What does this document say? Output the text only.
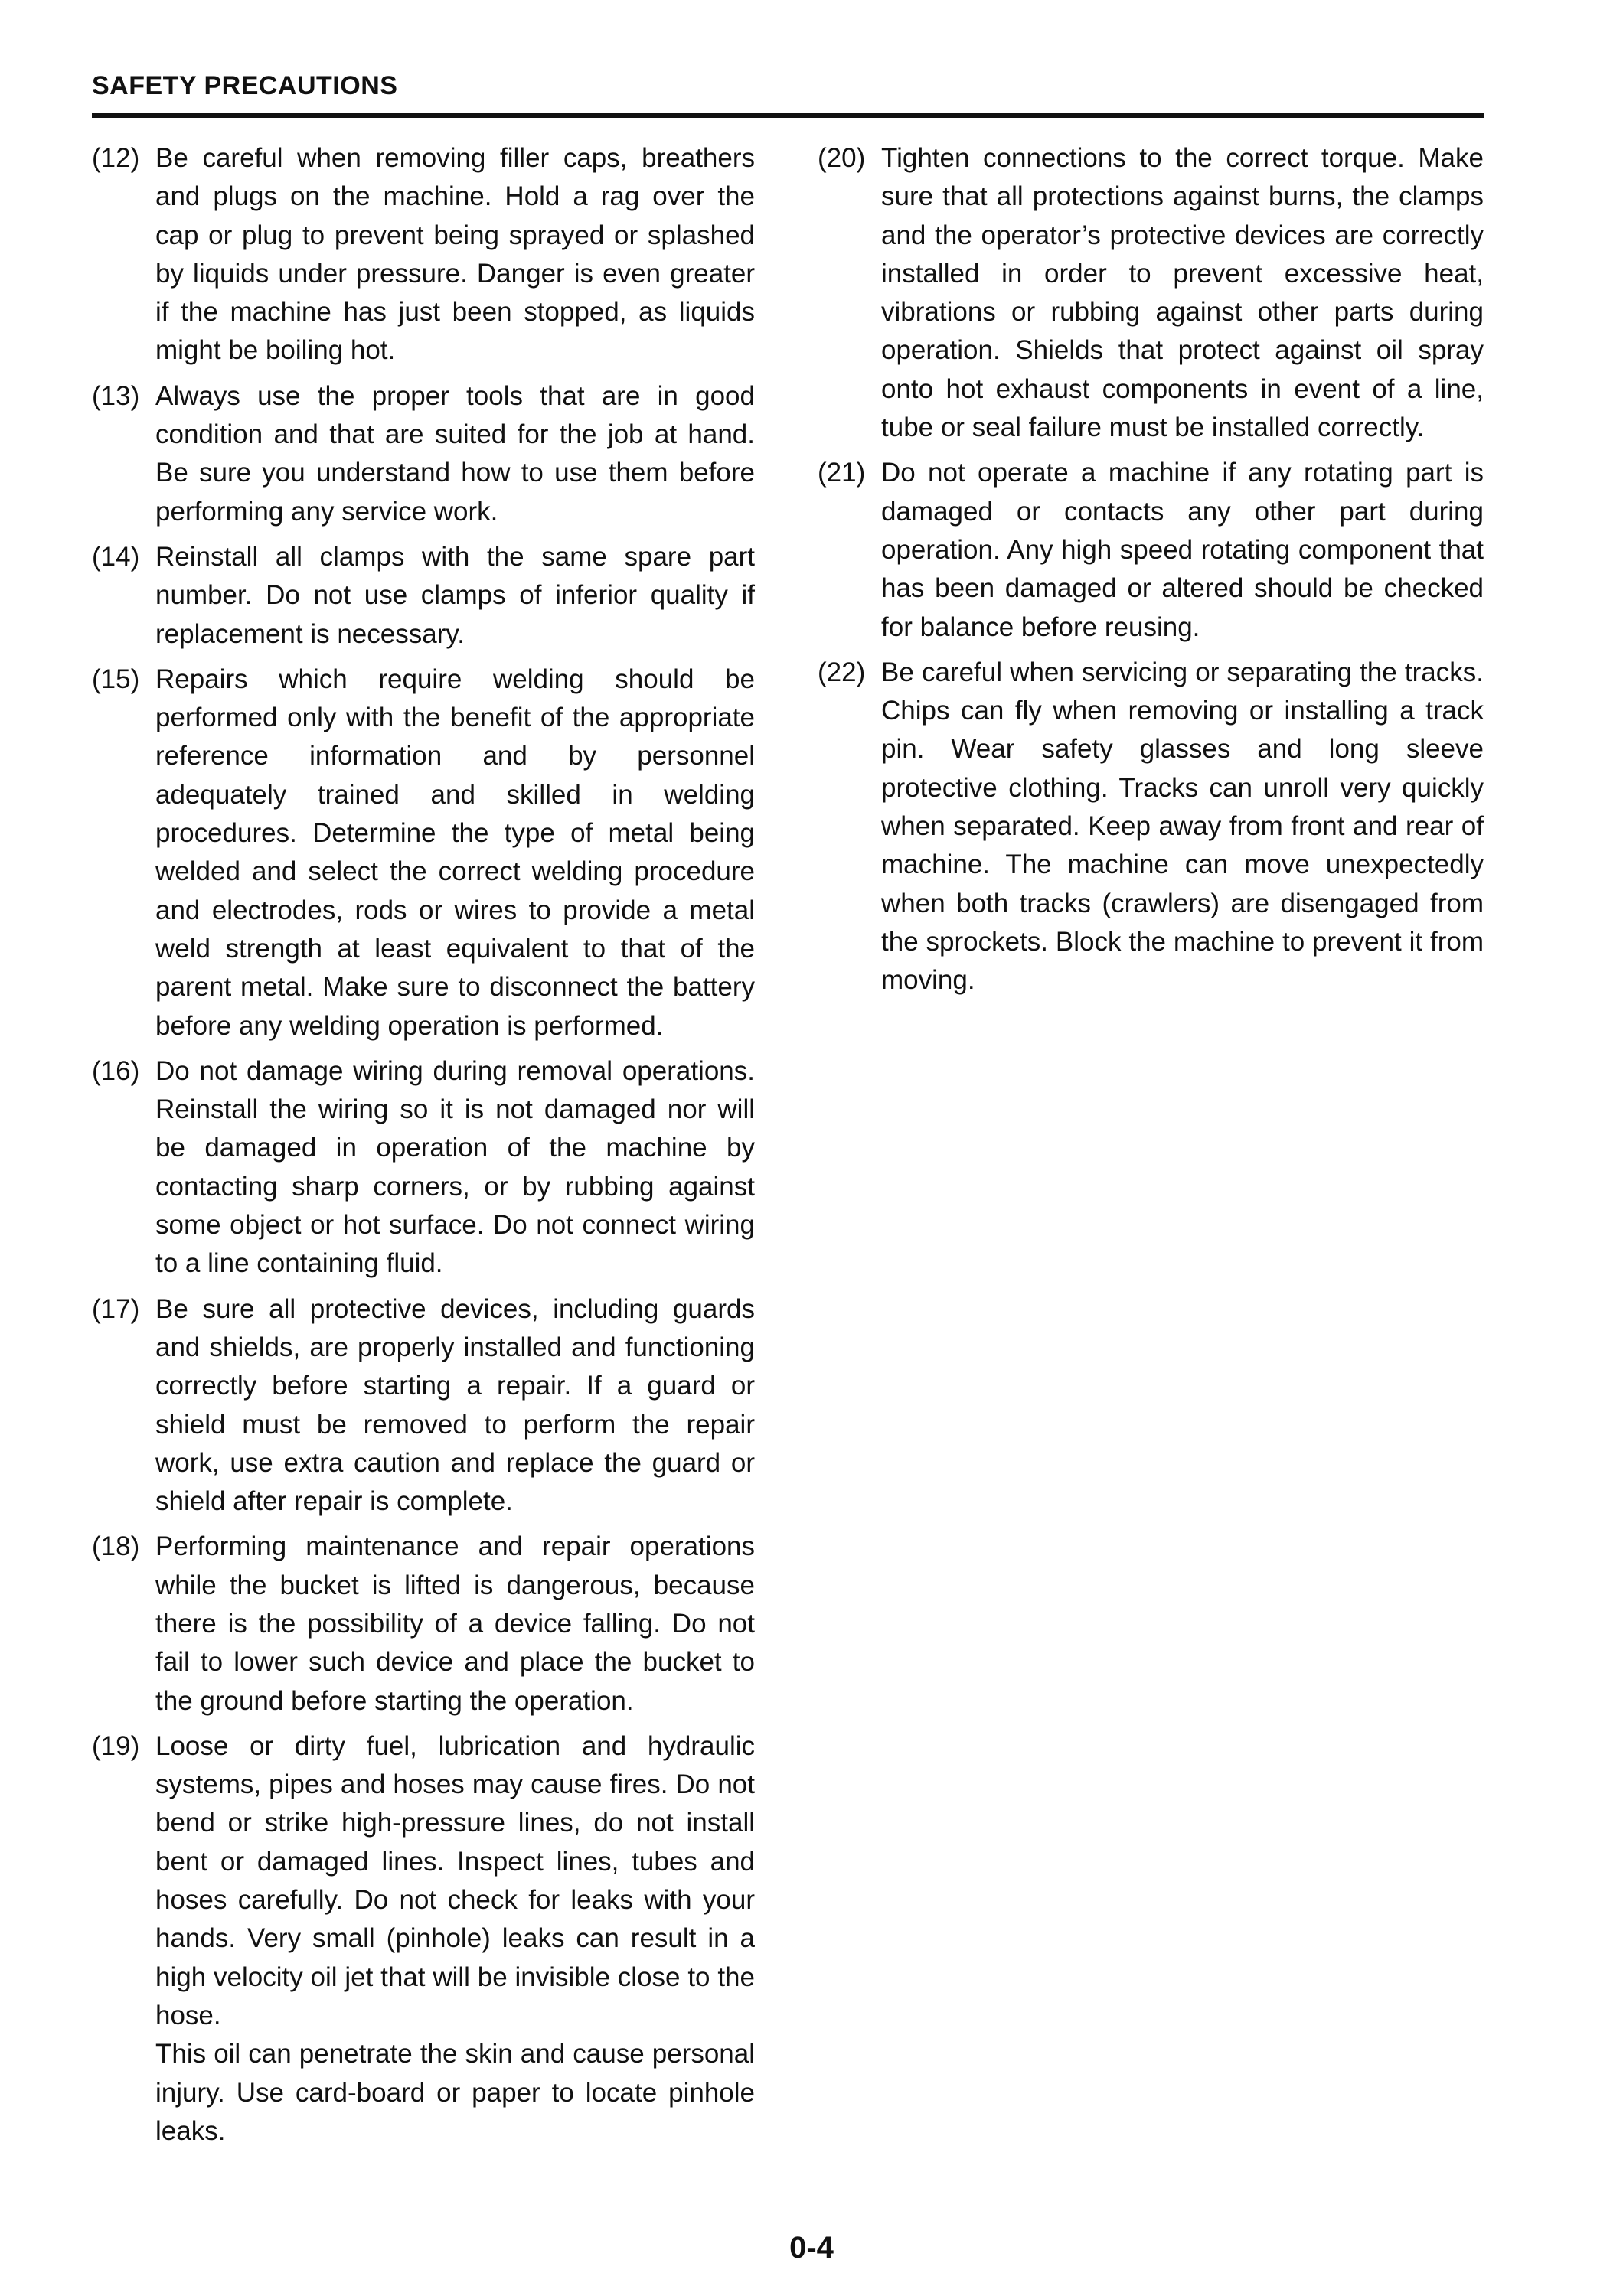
SAFETY PRECAUTIONS
(12) Be careful when removing filler caps, breathers and plugs on the machine. Hold a rag over the cap or plug to prevent being sprayed or splashed by liquids under pressure. Danger is even greater if the machine has just been stopped, as liquids might be boiling hot.
(13) Always use the proper tools that are in good condition and that are suited for the job at hand. Be sure you understand how to use them before performing any service work.
(14) Reinstall all clamps with the same spare part number. Do not use clamps of inferior quality if replacement is necessary.
(15) Repairs which require welding should be performed only with the benefit of the appropriate reference information and by personnel adequately trained and skilled in welding procedures. Determine the type of metal being welded and select the correct welding procedure and electrodes, rods or wires to provide a metal weld strength at least equivalent to that of the parent metal. Make sure to disconnect the battery before any welding operation is performed.
(16) Do not damage wiring during removal operations. Reinstall the wiring so it is not damaged nor will be damaged in operation of the machine by contacting sharp corners, or by rubbing against some object or hot surface. Do not connect wiring to a line containing fluid.
(17) Be sure all protective devices, including guards and shields, are properly installed and functioning correctly before starting a repair. If a guard or shield must be removed to perform the repair work, use extra caution and replace the guard or shield after repair is complete.
(18) Performing maintenance and repair operations while the bucket is lifted is dangerous, because there is the possibility of a device falling. Do not fail to lower such device and place the bucket to the ground before starting the operation.
(19) Loose or dirty fuel, lubrication and hydraulic systems, pipes and hoses may cause fires. Do not bend or strike high-pressure lines, do not install bent or damaged lines. Inspect lines, tubes and hoses carefully. Do not check for leaks with your hands. Very small (pinhole) leaks can result in a high velocity oil jet that will be invisible close to the hose.
This oil can penetrate the skin and cause personal injury. Use card-board or paper to locate pinhole leaks.
(20) Tighten connections to the correct torque. Make sure that all protections against burns, the clamps and the operator’s protective devices are correctly installed in order to prevent excessive heat, vibrations or rubbing against other parts during operation. Shields that protect against oil spray onto hot exhaust components in event of a line, tube or seal failure must be installed correctly.
(21) Do not operate a machine if any rotating part is damaged or contacts any other part during operation. Any high speed rotating component that has been damaged or altered should be checked for balance before reusing.
(22) Be careful when servicing or separating the tracks. Chips can fly when removing or installing a track pin. Wear safety glasses and long sleeve protective clothing. Tracks can unroll very quickly when separated. Keep away from front and rear of machine. The machine can move unexpectedly when both tracks (crawlers) are disengaged from the sprockets. Block the machine to prevent it from moving.
0-4
